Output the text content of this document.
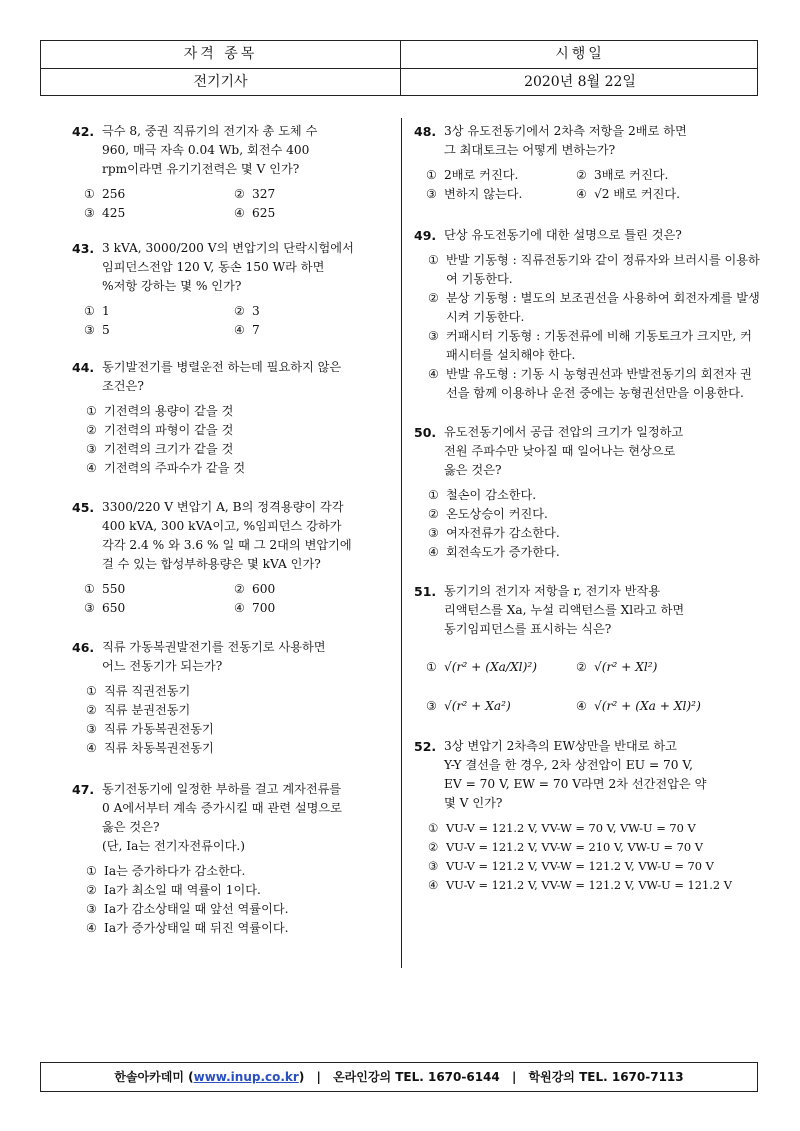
자격 종목	시행일
전기기사	2020년 8월 22일
42. 극수 8, 중권 직류기의 전기자 총 도체 수

960, 매극 자속 0.04 Wb, 회전수 400

rpm이라면 유기기전력은 몇 V 인가?

① 256	② 327
③ 425	④ 625
43. 3 kVA, 3000/200 V의 변압기의 단락시험에서

임피던스전압 120 V, 동손 150 W라 하면

%저항 강하는 몇 % 인가?

① 1	② 3
③ 5	④ 7
44. 동기발전기를 병렬운전 하는데 필요하지 않은

조건은?

① 기전력의 용량이 같을 것
② 기전력의 파형이 같을 것
③ 기전력의 크기가 같을 것
④ 기전력의 주파수가 같을 것
45. 3300/220 V 변압기 A, B의 정격용량이 각각

400 kVA, 300 kVA이고, %임피던스 강하가

각각 2.4 % 와 3.6 % 일 때 그 2대의 변압기에

걸 수 있는 합성부하용량은 몇 kVA 인가?

① 550	② 600
③ 650	④ 700
46. 직류 가동복권발전기를 전동기로 사용하면

어느 전동기가 되는가?

① 직류 직권전동기
② 직류 분권전동기
③ 직류 가동복권전동기
④ 직류 차동복권전동기
47. 동기전동기에 일정한 부하를 걸고 계자전류를

0 A에서부터 계속 증가시킬 때 관련 설명으로

옳은 것은?

(단, Ia는 전기자전류이다.)

① Ia는 증가하다가 감소한다.
② Ia가 최소일 때 역률이 1이다.
③ Ia가 감소상태일 때 앞선 역률이다.
④ Ia가 증가상태일 때 뒤진 역률이다.
48. 3상 유도전동기에서 2차측 저항을 2배로 하면

그 최대토크는 어떻게 변하는가?

① 2배로 커진다.	② 3배로 커진다.
③ 변하지 않는다.	④ √2 배로 커진다.
49. 단상 유도전동기에 대한 설명으로 틀린 것은?

① 반발 기동형 : 직류전동기와 같이 정류자와 브러시를 이용하여 기동한다.
② 분상 기동형 : 별도의 보조권선을 사용하여 회전자계를 발생시켜 기동한다.
③ 커패시터 기동형 : 기동전류에 비해 기동토크가 크지만, 커패시터를 설치해야 한다.
④ 반발 유도형 : 기동 시 농형권선과 반발전동기의 회전자 권선을 함께 이용하나 운전 중에는 농형권선만을 이용한다.
50. 유도전동기에서 공급 전압의 크기가 일정하고

전원 주파수만 낮아질 때 일어나는 현상으로

옳은 것은?

① 철손이 감소한다.
② 온도상승이 커진다.
③ 여자전류가 감소한다.
④ 회전속도가 증가한다.
51. 동기기의 전기자 저항을 r, 전기자 반작용

리액턴스를 Xa, 누설 리액턴스를 Xl라고 하면

동기임피던스를 표시하는 식은?

① √(r² + (Xa/Xl)²)	② √(r² + Xl²)
③ √(r² + Xa²)	④ √(r² + (Xa + Xl)²)
52. 3상 변압기 2차측의 EW상만을 반대로 하고

Y-Y 결선을 한 경우, 2차 상전압이 EU = 70 V,

EV = 70 V, EW = 70 V라면 2차 선간전압은 약

몇 V 인가?

① VU-V = 121.2 V, VV-W = 70 V, VW-U = 70 V
② VU-V = 121.2 V, VV-W = 210 V, VW-U = 70 V
③ VU-V = 121.2 V, VV-W = 121.2 V, VW-U = 70 V
④ VU-V = 121.2 V, VV-W = 121.2 V, VW-U = 121.2 V
한솔아카데미 (www.inup.co.kr) | 온라인강의 TEL. 1670-6144 | 학원강의 TEL. 1670-7113
